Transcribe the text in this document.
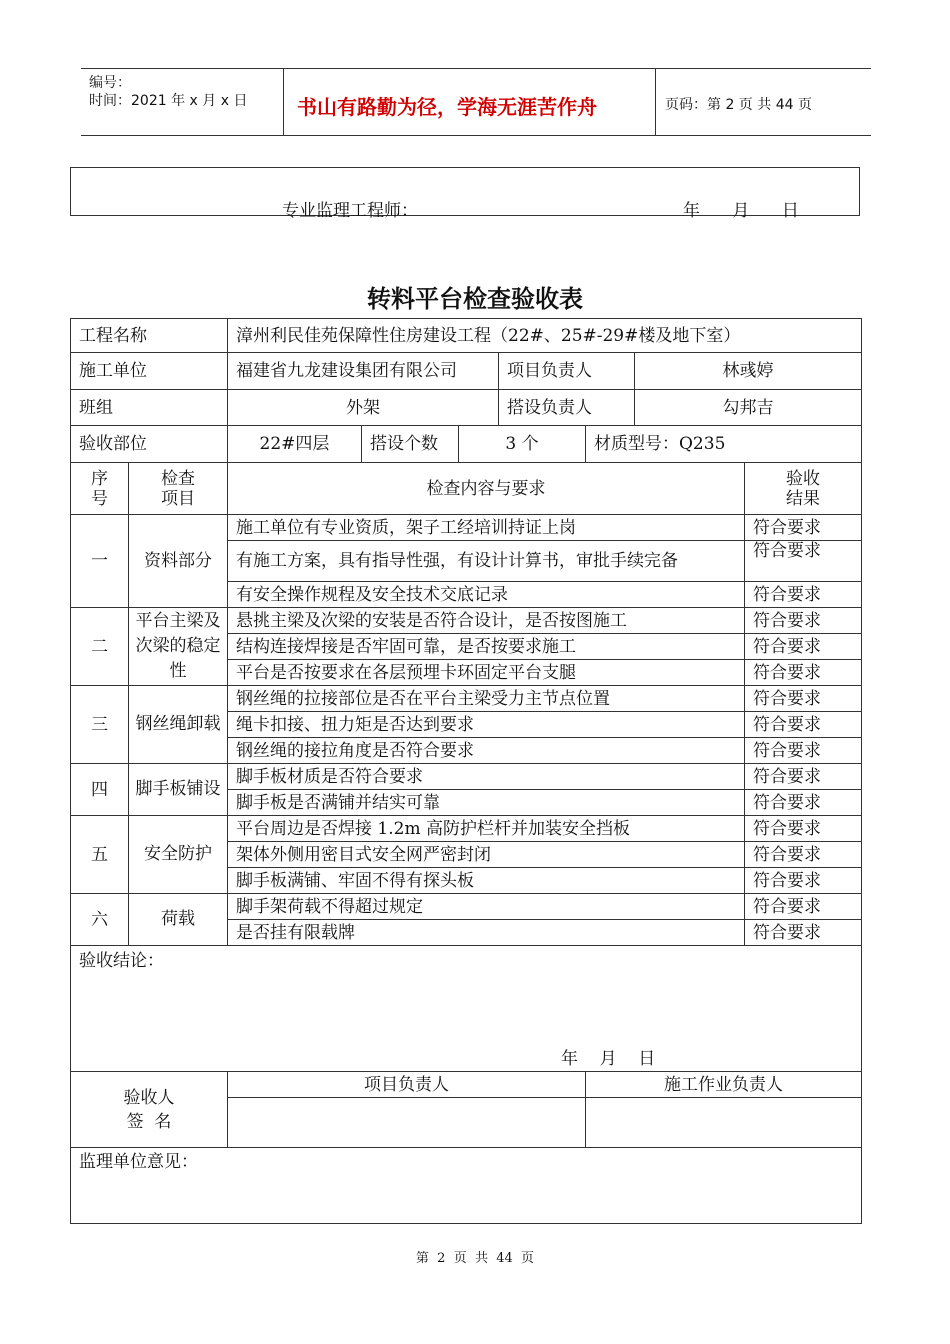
编号：
时间：2021 年 x 月 x 日 书山有路勤为径，学海无涯苦作舟	页码：第 2 页 共 44 页
专业监理工程师：	年      月      日
转料平台检查验收表
工程名称		漳州利民佳苑保障性住房建设工程（22#、25#-29#楼及地下室）						
施工单位		福建省九龙建设集团有限公司			项目负责人		林彧婷	
班组		外架			搭设负责人		勾邦吉	
验收部位		22#四层	搭设个数	3 个		材质型号：Q235		
序号	检查项目	检查内容与要求						验收结果
一	资料部分	施工单位有专业资质，架子工经培训持证上岗						符合要求
		有施工方案，具有指导性强，有设计计算书，审批手续完备						符合要求
		有安全操作规程及安全技术交底记录						符合要求
二	平台主梁及次梁的稳定性	悬挑主梁及次梁的安装是否符合设计，是否按图施工						符合要求
		结构连接焊接是否牢固可靠，是否按要求施工						符合要求
		平台是否按要求在各层预埋卡环固定平台支腿						符合要求
三	钢丝绳卸载	钢丝绳的拉接部位是否在平台主梁受力主节点位置						符合要求
		绳卡扣接、扭力矩是否达到要求						符合要求
		钢丝绳的接拉角度是否符合要求						符合要求
四	脚手板铺设	脚手板材质是否符合要求						符合要求
		脚手板是否满铺并结实可靠						符合要求
五	安全防护	平台周边是否焊接 1.2m 高防护栏杆并加装安全挡板						符合要求
		架体外侧用密目式安全网严密封闭						符合要求
		脚手板满铺、牢固不得有探头板						符合要求
六	荷载	脚手架荷载不得超过规定						符合要求
		是否挂有限载牌						符合要求
验收结论：
年    月    日								

验收人
签  名		项目负责人				施工作业负责人		

监理单位意见：								
第  2  页  共  44  页
